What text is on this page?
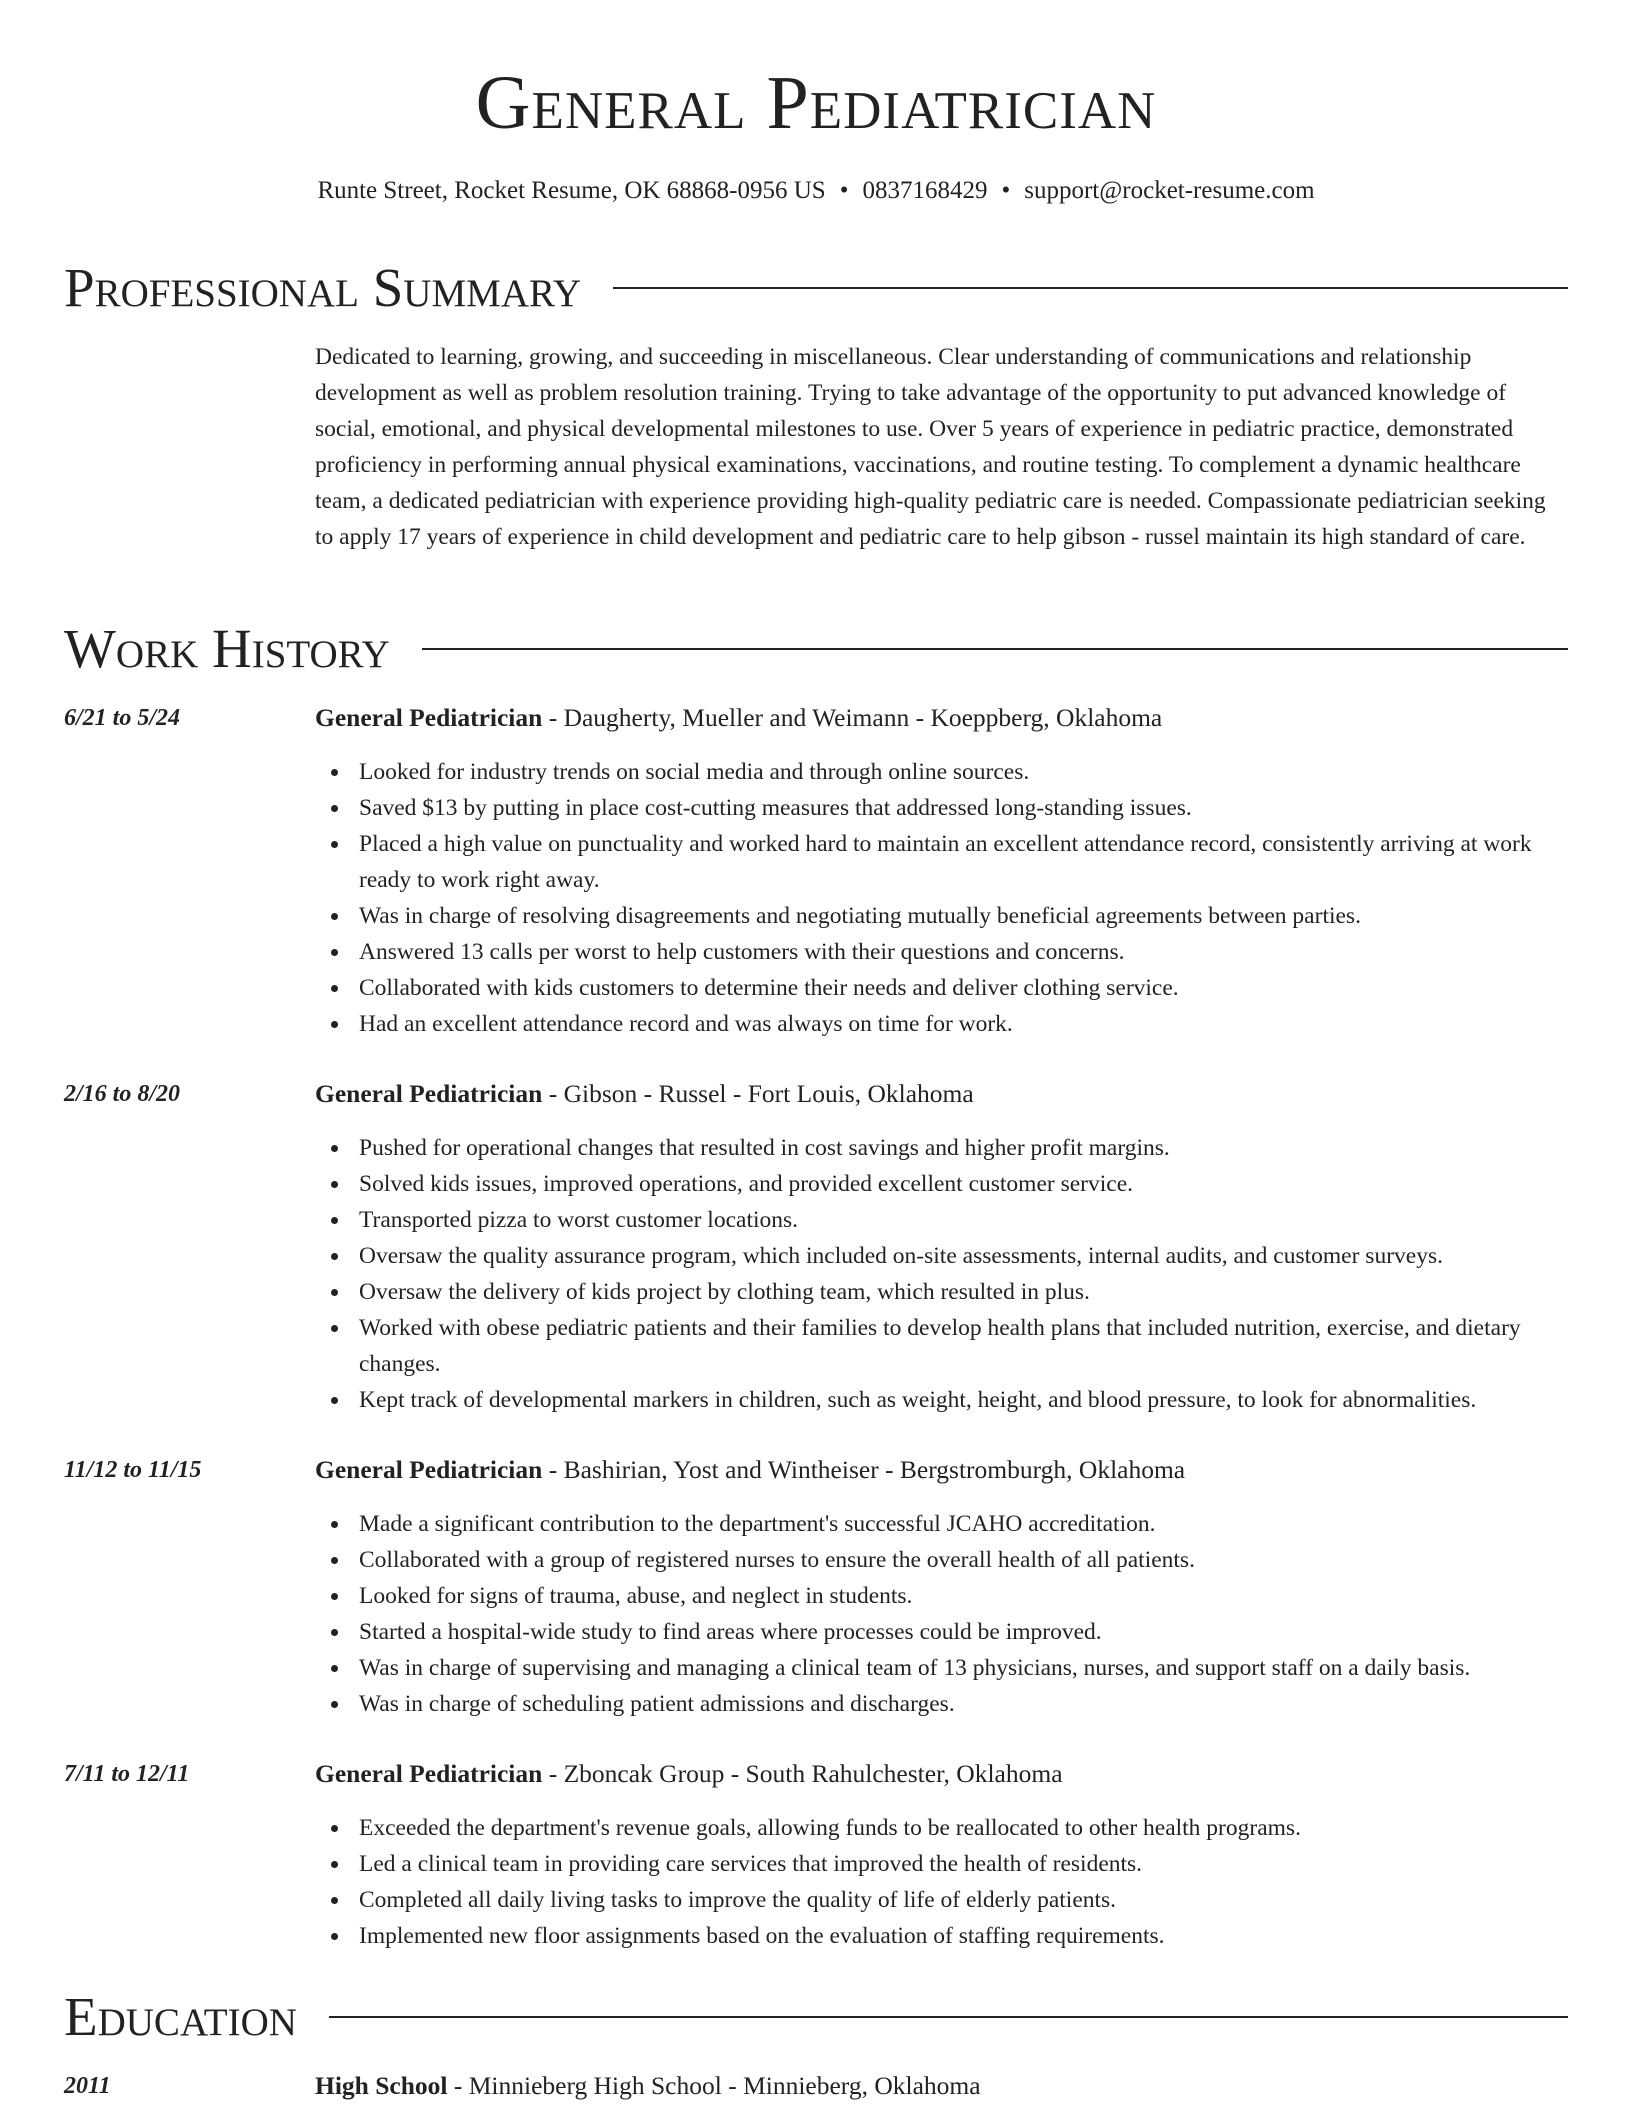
General Pediatrician
Runte Street, Rocket Resume, OK 68868-0956 US • 0837168429 • support@rocket-resume.com
Professional Summary

Dedicated to learning, growing, and succeeding in miscellaneous. Clear understanding of communications and relationship development as well as problem resolution training. Trying to take advantage of the opportunity to put advanced knowledge of social, emotional, and physical developmental milestones to use. Over 5 years of experience in pediatric practice, demonstrated proficiency in performing annual physical examinations, vaccinations, and routine testing. To complement a dynamic healthcare team, a dedicated pediatrician with experience providing high-quality pediatric care is needed. Compassionate pediatrician seeking to apply 17 years of experience in child development and pediatric care to help gibson - russel maintain its high standard of care.

Work History
6/21 to 5/24	General Pediatrician - Daugherty, Mueller and Weimann - Koeppberg, Oklahoma
Looked for industry trends on social media and through online sources.
Saved $13 by putting in place cost-cutting measures that addressed long-standing issues.
Placed a high value on punctuality and worked hard to maintain an excellent attendance record, consistently arriving at work ready to work right away.
Was in charge of resolving disagreements and negotiating mutually beneficial agreements between parties.
Answered 13 calls per worst to help customers with their questions and concerns.
Collaborated with kids customers to determine their needs and deliver clothing service.
Had an excellent attendance record and was always on time for work.
2/16 to 8/20	General Pediatrician - Gibson - Russel - Fort Louis, Oklahoma
Pushed for operational changes that resulted in cost savings and higher profit margins.
Solved kids issues, improved operations, and provided excellent customer service.
Transported pizza to worst customer locations.
Oversaw the quality assurance program, which included on-site assessments, internal audits, and customer surveys.
Oversaw the delivery of kids project by clothing team, which resulted in plus.
Worked with obese pediatric patients and their families to develop health plans that included nutrition, exercise, and dietary changes.
Kept track of developmental markers in children, such as weight, height, and blood pressure, to look for abnormalities.
11/12 to 11/15	General Pediatrician - Bashirian, Yost and Wintheiser - Bergstromburgh, Oklahoma
Made a significant contribution to the department's successful JCAHO accreditation.
Collaborated with a group of registered nurses to ensure the overall health of all patients.
Looked for signs of trauma, abuse, and neglect in students.
Started a hospital-wide study to find areas where processes could be improved.
Was in charge of supervising and managing a clinical team of 13 physicians, nurses, and support staff on a daily basis.
Was in charge of scheduling patient admissions and discharges.
7/11 to 12/11	General Pediatrician - Zboncak Group - South Rahulchester, Oklahoma
Exceeded the department's revenue goals, allowing funds to be reallocated to other health programs.
Led a clinical team in providing care services that improved the health of residents.
Completed all daily living tasks to improve the quality of life of elderly patients.
Implemented new floor assignments based on the evaluation of staffing requirements.
Education
2011	High School - Minnieberg High School - Minnieberg, Oklahoma
